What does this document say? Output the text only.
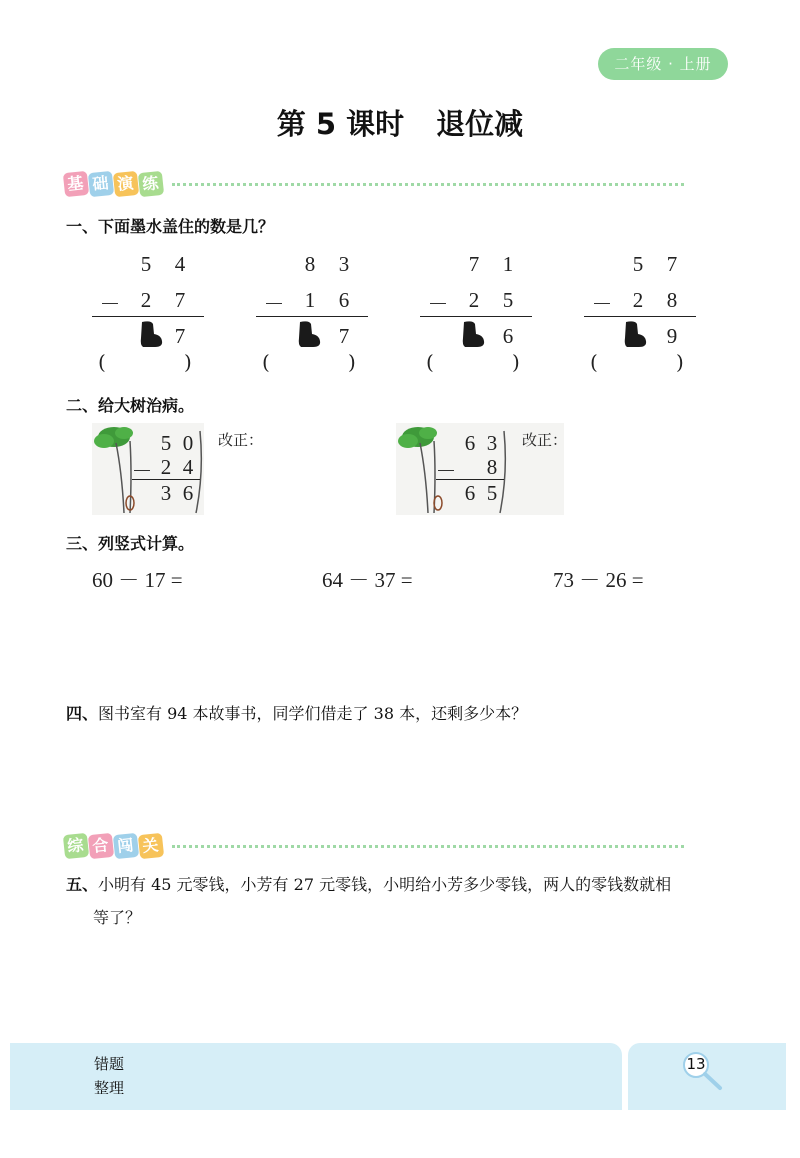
二年级 · 上册
第 5 课时 退位减
基 础 演 练
一、下面墨水盖住的数是几？
5	4
－ 2	7
7
(	)
8	3
－ 1	6
7
(	)
7	1
－ 2	5
6
(	)
5	7
－ 2	8
9
(	)
二、给大树治病。
5 0
－ 2 4
3 6
改正：	6 3
－	8
6 5
改正：
三、列竖式计算。
60 － 17 =	64 － 37 =	73 － 26 =
四、图书室有 94 本故事书，同学们借走了 38 本，还剩多少本？
综 合 闯 关
五、小明有 45 元零钱，小芳有 27 元零钱，小明给小芳多少零钱，两人的零钱数就相
等了？
错题
整理
13
